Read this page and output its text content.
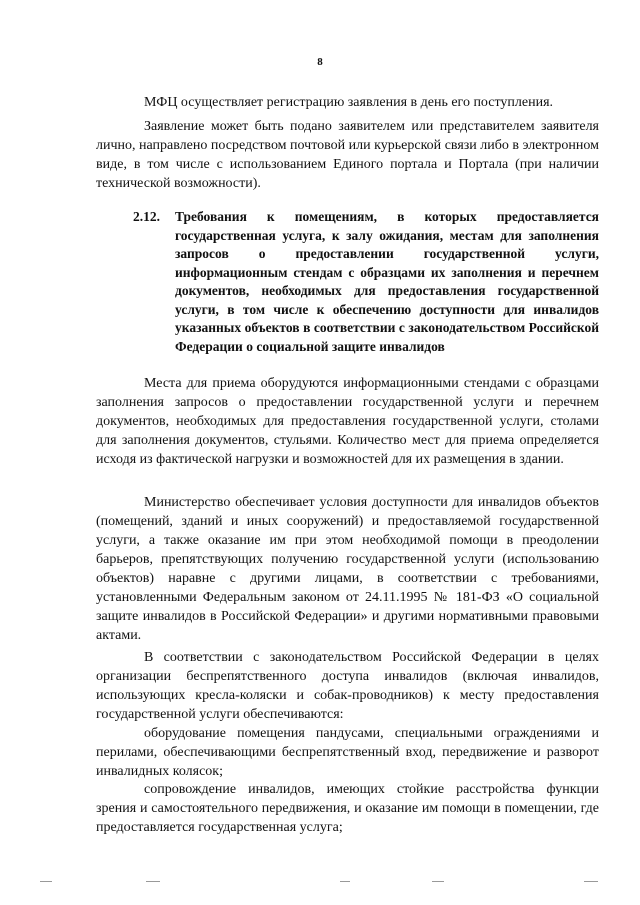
8

МФЦ осуществляет регистрацию заявления в день его поступления.

Заявление может быть подано заявителем или представителем заявителя лично, направлено посредством почтовой или курьерской связи либо в электронном виде, в том числе с использованием Единого портала и Портала (при наличии технической возможности).

2.12. Требования к помещениям, в которых предоставляется государственная услуга, к залу ожидания, местам для заполнения запросов о предоставлении государственной услуги, информационным стендам с образцами их заполнения и перечнем документов, необходимых для предоставления государственной услуги, в том числе к обеспечению доступности для инвалидов указанных объектов в соответствии с законодательством Российской Федерации о социальной защите инвалидов

Места для приема оборудуются информационными стендами с образцами заполнения запросов о предоставлении государственной услуги и перечнем документов, необходимых для предоставления государственной услуги, столами для заполнения документов, стульями. Количество мест для приема определяется исходя из фактической нагрузки и возможностей для их размещения в здании.

Министерство обеспечивает условия доступности для инвалидов объектов (помещений, зданий и иных сооружений) и предоставляемой государственной услуги, а также оказание им при этом необходимой помощи в преодолении барьеров, препятствующих получению государственной услуги (использованию объектов) наравне с другими лицами, в соответствии с требованиями, установленными Федеральным законом от 24.11.1995 № 181-ФЗ «О социальной защите инвалидов в Российской Федерации» и другими нормативными правовыми актами.

В соответствии с законодательством Российской Федерации в целях организации беспрепятственного доступа инвалидов (включая инвалидов, использующих кресла-коляски и собак-проводников) к месту предоставления государственной услуги обеспечиваются:

оборудование помещения пандусами, специальными ограждениями и перилами, обеспечивающими беспрепятственный вход, передвижение и разворот инвалидных колясок;

сопровождение инвалидов, имеющих стойкие расстройства функции зрения и самостоятельного передвижения, и оказание им помощи в помещении, где предоставляется государственная услуга;
